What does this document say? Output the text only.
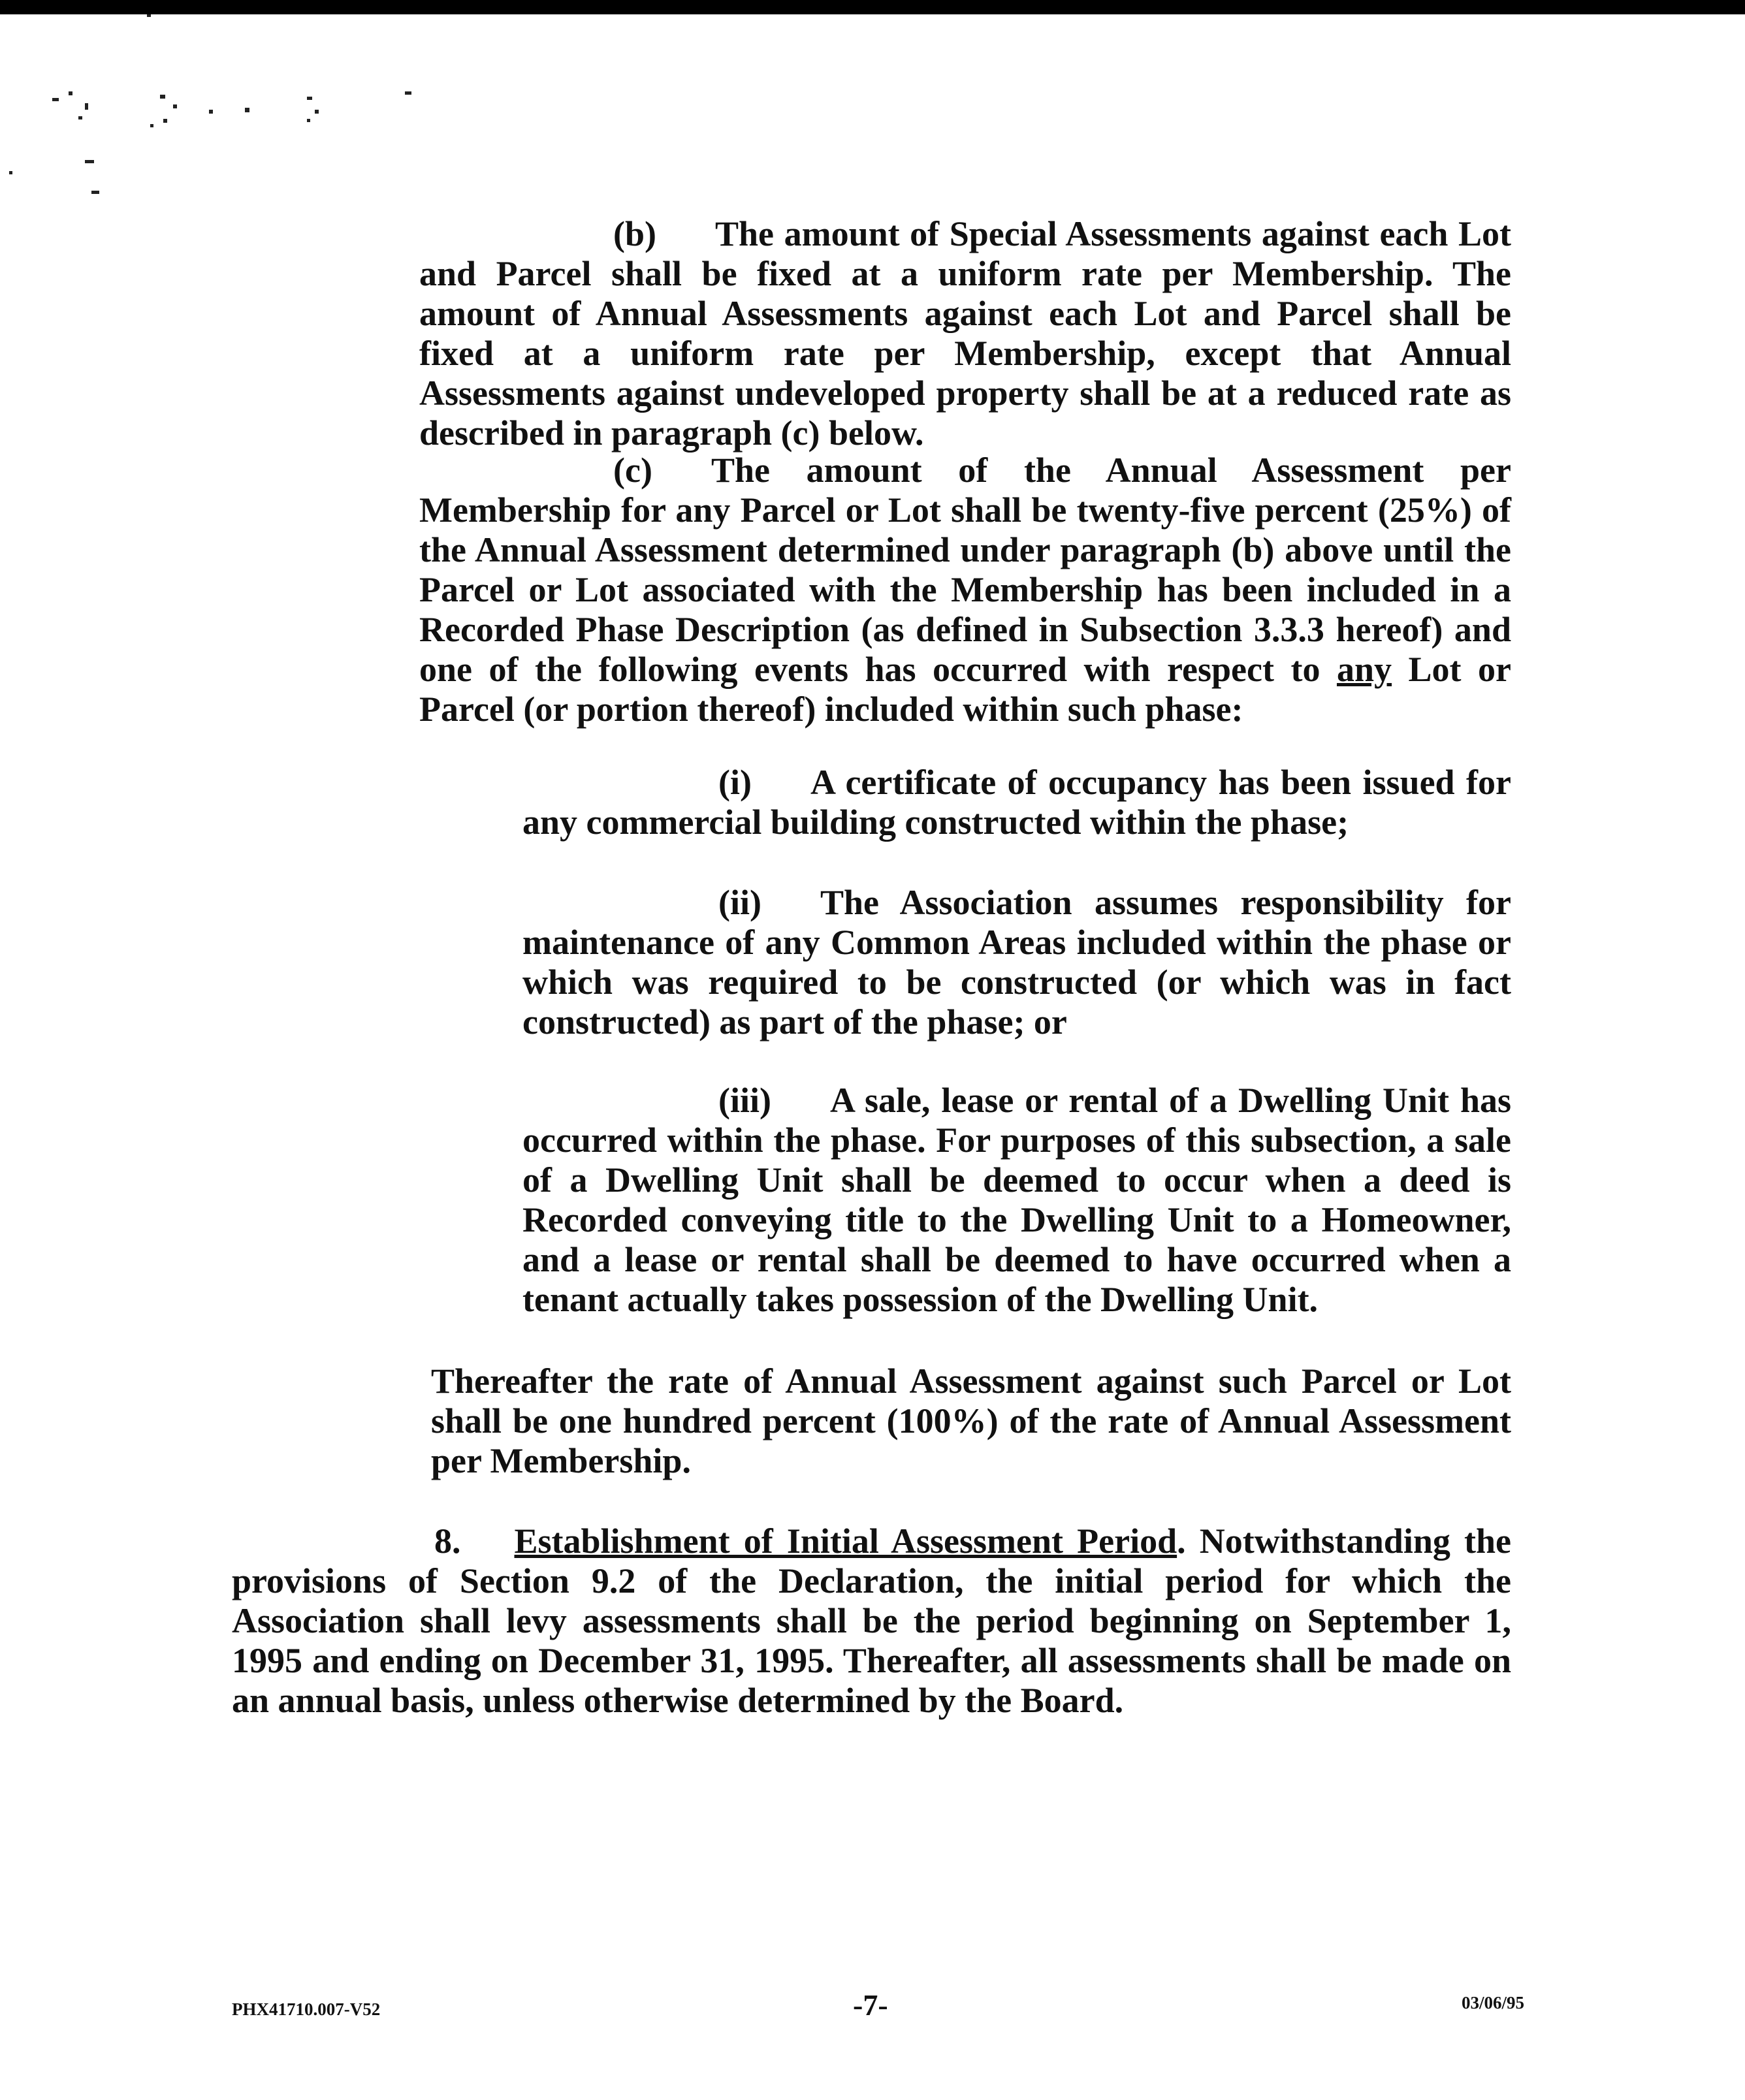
(b) The amount of Special Assessments against each Lot and Parcel shall be fixed at a uniform rate per Membership. The amount of Annual Assessments against each Lot and Parcel shall be fixed at a uniform rate per Membership, except that Annual Assessments against undeveloped property shall be at a reduced rate as described in paragraph (c) below.
(c) The amount of the Annual Assessment per Membership for any Parcel or Lot shall be twenty-five percent (25%) of the Annual Assessment determined under paragraph (b) above until the Parcel or Lot associated with the Membership has been included in a Recorded Phase Description (as defined in Subsection 3.3.3 hereof) and one of the following events has occurred with respect to any Lot or Parcel (or portion thereof) included within such phase:
(i) A certificate of occupancy has been issued for any commercial building constructed within the phase;
(ii) The Association assumes responsibility for maintenance of any Common Areas included within the phase or which was required to be constructed (or which was in fact constructed) as part of the phase; or
(iii) A sale, lease or rental of a Dwelling Unit has occurred within the phase. For purposes of this subsection, a sale of a Dwelling Unit shall be deemed to occur when a deed is Recorded conveying title to the Dwelling Unit to a Homeowner, and a lease or rental shall be deemed to have occurred when a tenant actually takes possession of the Dwelling Unit.
Thereafter the rate of Annual Assessment against such Parcel or Lot shall be one hundred percent (100%) of the rate of Annual Assessment per Membership.
8. Establishment of Initial Assessment Period. Notwithstanding the provisions of Section 9.2 of the Declaration, the initial period for which the Association shall levy assessments shall be the period beginning on September 1, 1995 and ending on December 31, 1995. Thereafter, all assessments shall be made on an annual basis, unless otherwise determined by the Board.
PHX41710.007-V52	-7-	03/06/95
